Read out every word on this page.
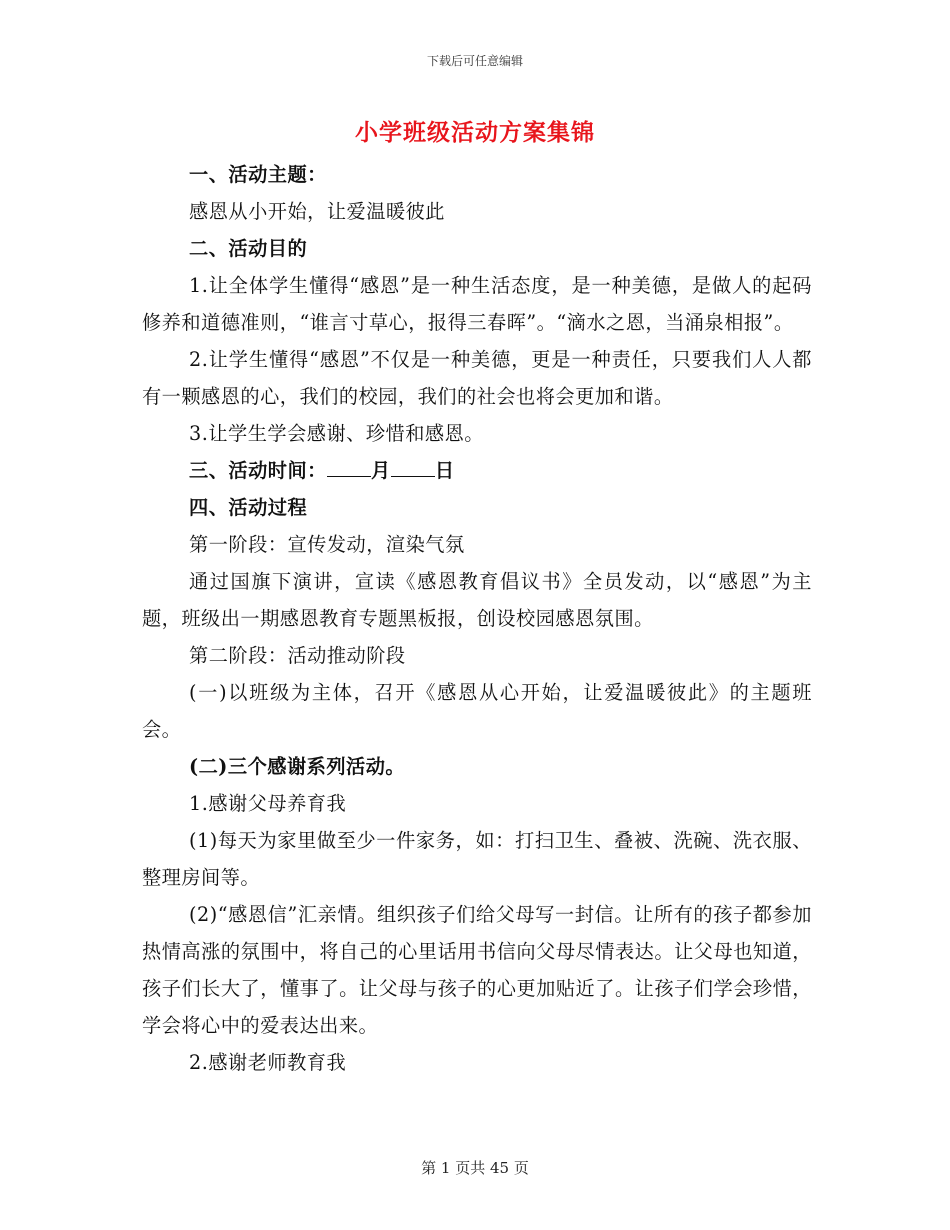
下载后可任意编辑
小学班级活动方案集锦

一、活动主题：

感恩从小开始，让爱温暖彼此

二、活动目的

1.让全体学生懂得“感恩”是一种生活态度，是一种美德，是做人的起码修养和道德准则，“谁言寸草心，报得三春晖”。“滴水之恩，当涌泉相报”。

2.让学生懂得“感恩”不仅是一种美德，更是一种责任，只要我们人人都有一颗感恩的心，我们的校园，我们的社会也将会更加和谐。

3.让学生学会感谢、珍惜和感恩。

三、活动时间： 月 日

四、活动过程

第一阶段：宣传发动，渲染气氛

通过国旗下演讲，宣读《感恩教育倡议书》全员发动，以“感恩”为主题，班级出一期感恩教育专题黑板报，创设校园感恩氛围。

第二阶段：活动推动阶段

(一)以班级为主体，召开《感恩从心开始，让爱温暖彼此》的主题班会。

(二)三个感谢系列活动。

1.感谢父母养育我

(1)每天为家里做至少一件家务，如：打扫卫生、叠被、洗碗、洗衣服、整理房间等。

(2)“感恩信”汇亲情。组织孩子们给父母写一封信。让所有的孩子都参加热情高涨的氛围中，将自己的心里话用书信向父母尽情表达。让父母也知道，孩子们长大了，懂事了。让父母与孩子的心更加贴近了。让孩子们学会珍惜，学会将心中的爱表达出来。

2.感谢老师教育我

第 1 页共 45 页
